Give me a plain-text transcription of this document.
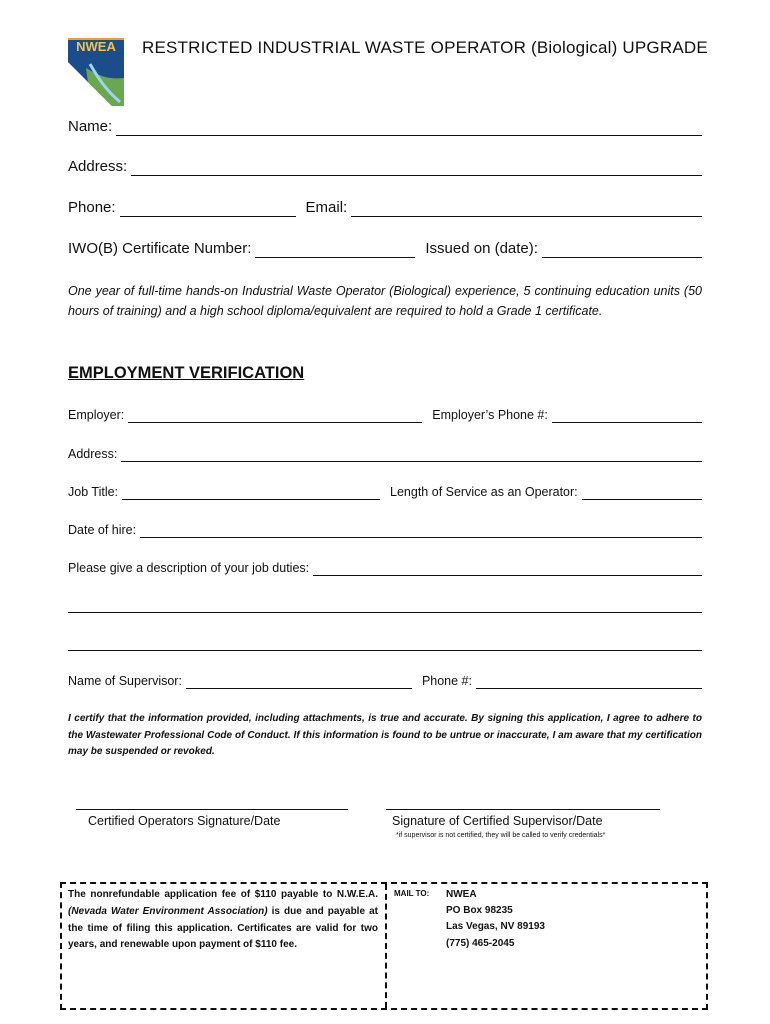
NWEA RESTRICTED INDUSTRIAL WASTE OPERATOR (Biological) UPGRADE
Name:
Address:
Phone:	Email:
IWO(B) Certificate Number:	Issued on (date):
One year of full-time hands-on Industrial Waste Operator (Biological) experience, 5 continuing education units (50 hours of training) and a high school diploma/equivalent are required to hold a Grade 1 certificate.
EMPLOYMENT VERIFICATION
Employer:	Employer’s Phone #:
Address:
Job Title:	Length of Service as an Operator:
Date of hire:
Please give a description of your job duties:
Name of Supervisor:	Phone #:
I certify that the information provided, including attachments, is true and accurate. By signing this application, I agree to adhere to the Wastewater Professional Code of Conduct. If this information is found to be untrue or inaccurate, I am aware that my certification may be suspended or revoked.
Certified Operators Signature/Date	Signature of Certified Supervisor/Date
*if supervisor is not certified, they will be called to verify credentials*
The nonrefundable application fee of $110 payable to N.W.E.A. (Nevada Water Environment Association) is due and payable at the time of filing this application. Certificates are valid for two years, and renewable upon payment of $110 fee.
MAIL TO: NWEA
PO Box 98235
Las Vegas, NV 89193
(775) 465-2045
